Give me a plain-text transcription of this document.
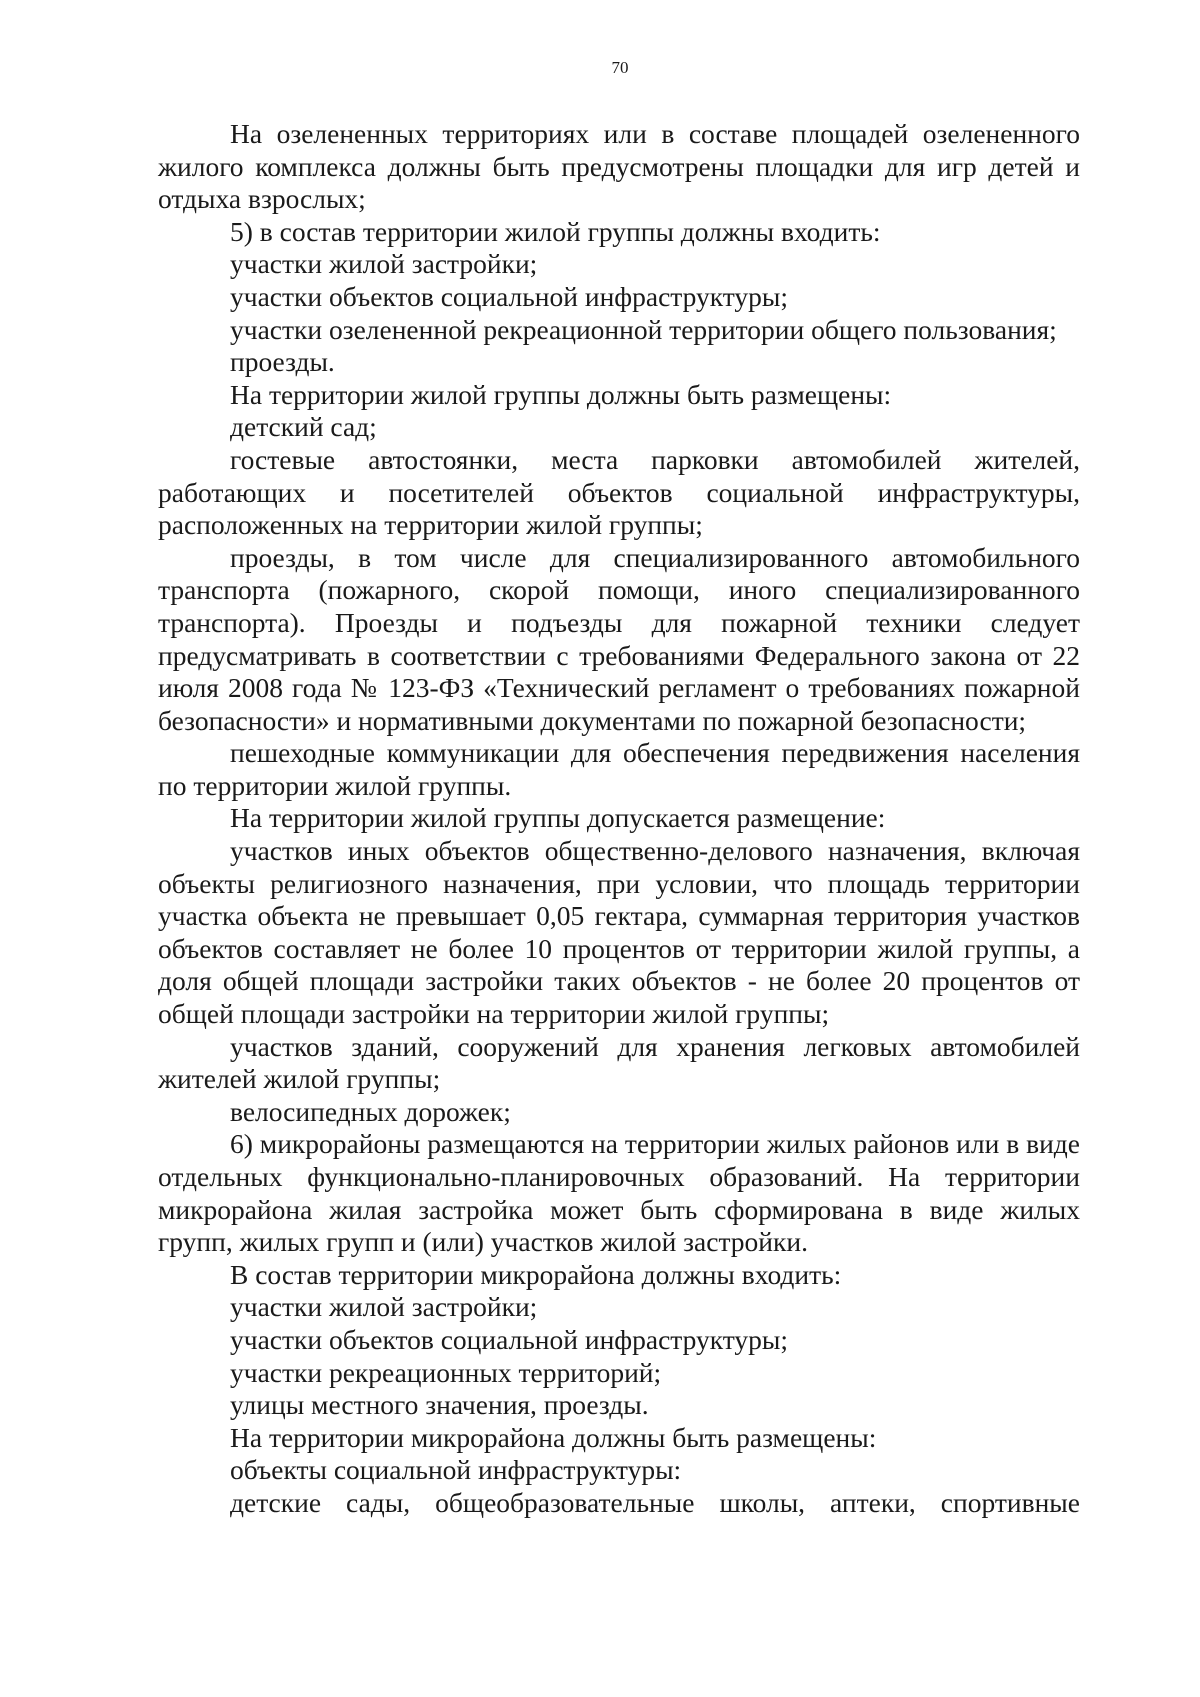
70

На озелененных территориях или в составе площадей озелененного жилого комплекса должны быть предусмотрены площадки для игр детей и отдыха взрослых;

5) в состав территории жилой группы должны входить:

участки жилой застройки;

участки объектов социальной инфраструктуры;

участки озелененной рекреационной территории общего пользования;

проезды.

На территории жилой группы должны быть размещены:

детский сад;

гостевые автостоянки, места парковки автомобилей жителей, работающих и посетителей объектов социальной инфраструктуры, расположенных на территории жилой группы;

проезды, в том числе для специализированного автомобильного транспорта (пожарного, скорой помощи, иного специализированного транспорта). Проезды и подъезды для пожарной техники следует предусматривать в соответствии с требованиями Федерального закона от 22 июля 2008 года № 123-ФЗ «Технический регламент о требованиях пожарной безопасности» и нормативными документами по пожарной безопасности;

пешеходные коммуникации для обеспечения передвижения населения по территории жилой группы.

На территории жилой группы допускается размещение:

участков иных объектов общественно-делового назначения, включая объекты религиозного назначения, при условии, что площадь территории участка объекта не превышает 0,05 гектара, суммарная территория участков объектов составляет не более 10 процентов от территории жилой группы, а доля общей площади застройки таких объектов - не более 20 процентов от общей площади застройки на территории жилой группы;

участков зданий, сооружений для хранения легковых автомобилей жителей жилой группы;

велосипедных дорожек;

6) микрорайоны размещаются на территории жилых районов или в виде отдельных функционально-планировочных образований. На территории микрорайона жилая застройка может быть сформирована в виде жилых групп, жилых групп и (или) участков жилой застройки.

В состав территории микрорайона должны входить:

участки жилой застройки;

участки объектов социальной инфраструктуры;

участки рекреационных территорий;

улицы местного значения, проезды.

На территории микрорайона должны быть размещены:

объекты социальной инфраструктуры:

детские сады, общеобразовательные школы, аптеки, спортивные
